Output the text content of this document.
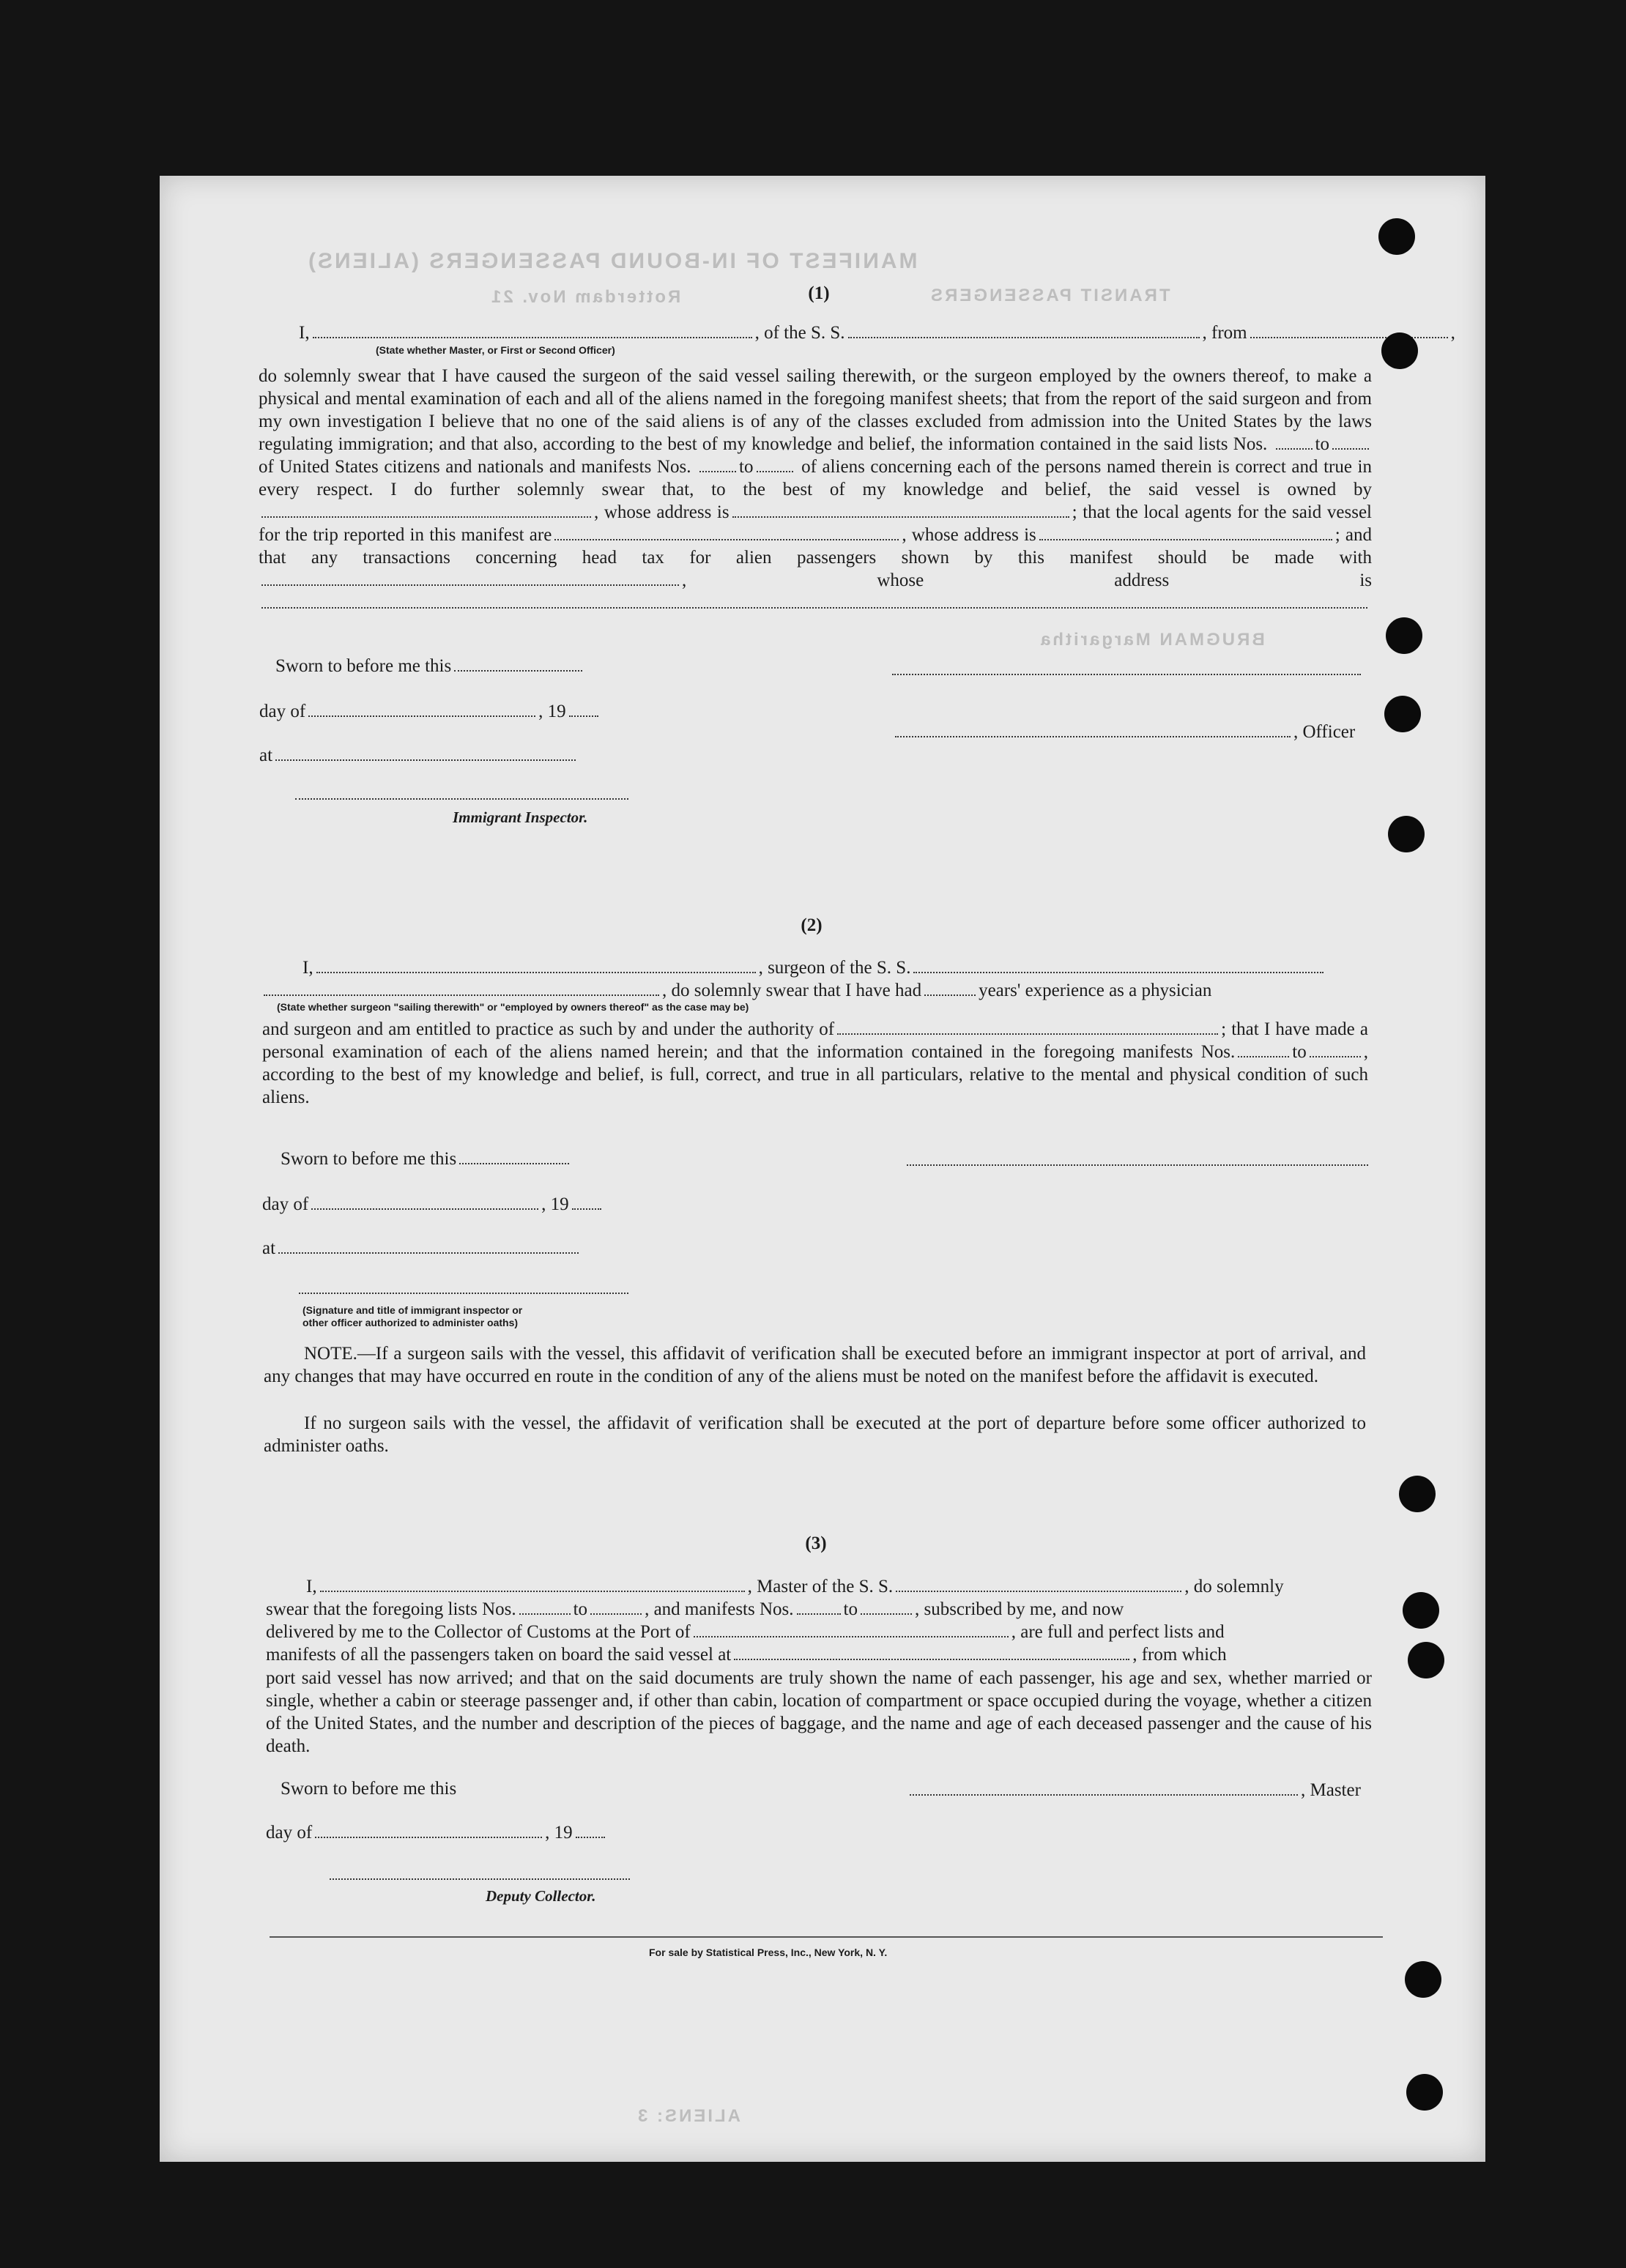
MANIFEST OF IN-BOUND PASSENGERS (ALIENS)
TRANSIT PASSENGERS
Rotterdam Nov. 21
BRUGMAN Margaritha
ALIENS: 3
(1)
I,	, of the S. S.	, from	,
(State whether Master, or First or Second Officer)
do solemnly swear that I have caused the surgeon of the said vessel sailing therewith, or the surgeon employed by the owners thereof, to make a physical and mental examination of each and all of the aliens named in the foregoing manifest sheets; that from the report of the said surgeon and from my own investigation I believe that no one of the said aliens is of any of the classes excluded from admission into the United States by the laws regulating immigration; and that also, according to the best of my knowledge and belief, the information contained in the said lists Nos.	to of United States citizens and nationals and manifests Nos.	to	of aliens concerning each of the persons named therein is correct and true in every respect. I do further solemnly swear that, to the best of my knowledge and belief, the said vessel is owned by, whose address is	; that the local agents for the said vessel for the trip reported in this manifest are	, whose address is	; and that any transactions concerning head tax for alien passengers shown by this manifest should be made with, whose address is
Sworn to before me this
day of	, 19
, Officer
at
Immigrant Inspector.
(2)
I,	, surgeon of the S. S.
, do solemnly swear that I have had	years' experience as a physician
(State whether surgeon "sailing therewith" or "employed by owners thereof" as the case may be)
and surgeon and am entitled to practice as such by and under the authority of	; that I have made a personal examination of each of the aliens named herein; and that the information contained in the foregoing manifests Nos.	to	, according to the best of my knowledge and belief, is full, correct, and true in all particulars, relative to the mental and physical condition of such aliens.
Sworn to before me this
day of	, 19
at
(Signature and title of immigrant inspector or
other officer authorized to administer oaths)
NOTE.—If a surgeon sails with the vessel, this affidavit of verification shall be executed before an immigrant inspector at port of arrival, and any changes that may have occurred en route in the condition of any of the aliens must be noted on the manifest before the affidavit is executed.
If no surgeon sails with the vessel, the affidavit of verification shall be executed at the port of departure before some officer authorized to administer oaths.
(3)
I,	, Master of the S. S.	, do solemnly
swear that the foregoing lists Nos.	to	, and manifests Nos.	to	, subscribed by me, and now
delivered by me to the Collector of Customs at the Port of	, are full and perfect lists and
manifests of all the passengers taken on board the said vessel at	, from which
port said vessel has now arrived; and that on the said documents are truly shown the name of each passenger, his age and sex, whether married or single, whether a cabin or steerage passenger and, if other than cabin, location of compartment or space occupied during the voyage, whether a citizen of the United States, and the number and description of the pieces of baggage, and the name and age of each deceased passenger and the cause of his death.
Sworn to before me this	, Master
day of	, 19
Deputy Collector.
For sale by Statistical Press, Inc., New York, N. Y.
